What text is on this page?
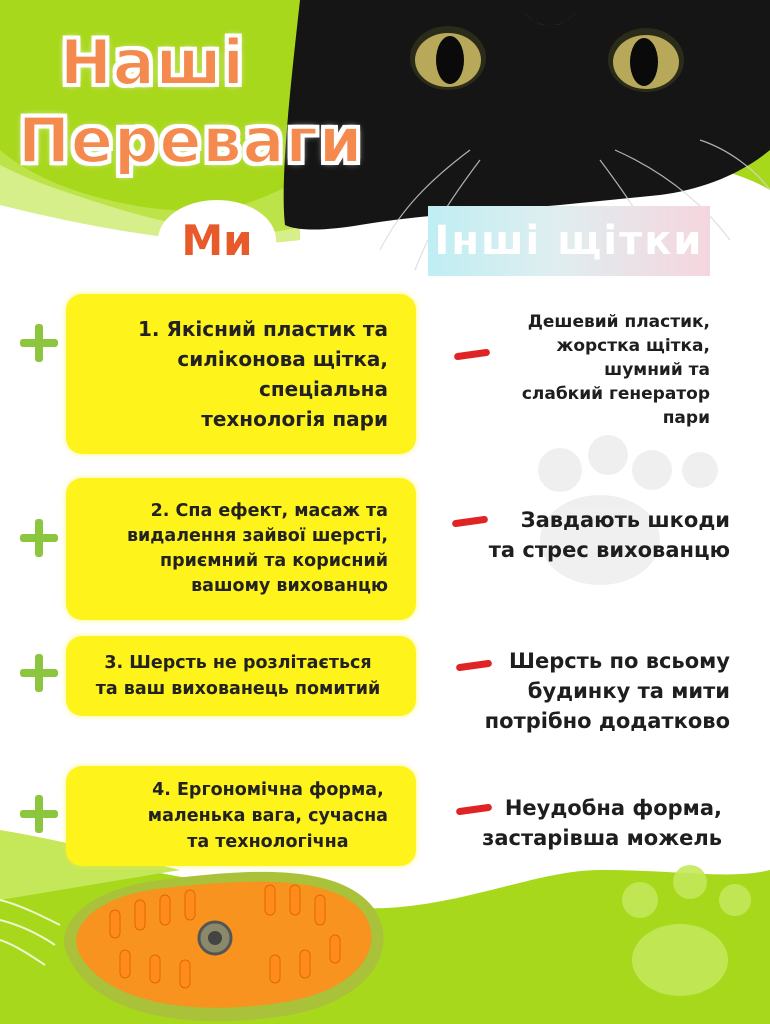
Наші
Переваги
Ми	Інші щітки
1. Якісний пластик та
силіконова щітка,
спеціальна
технологія пари
2. Спа ефект, масаж та
видалення зайвої шерсті,
приємний та корисний
вашому вихованцю
3. Шерсть не розлітається
та ваш вихованець помитий
4. Ергономічна форма,
маленька вага, сучасна
та технологічна
Дешевий пластик,
жорстка щітка,
шумний та
слабкий генератор
пари
Завдають шкоди
та стрес вихованцю
Шерсть по всьому
будинку та мити
потрібно додатково
Неудобна форма,
застарівша можель
